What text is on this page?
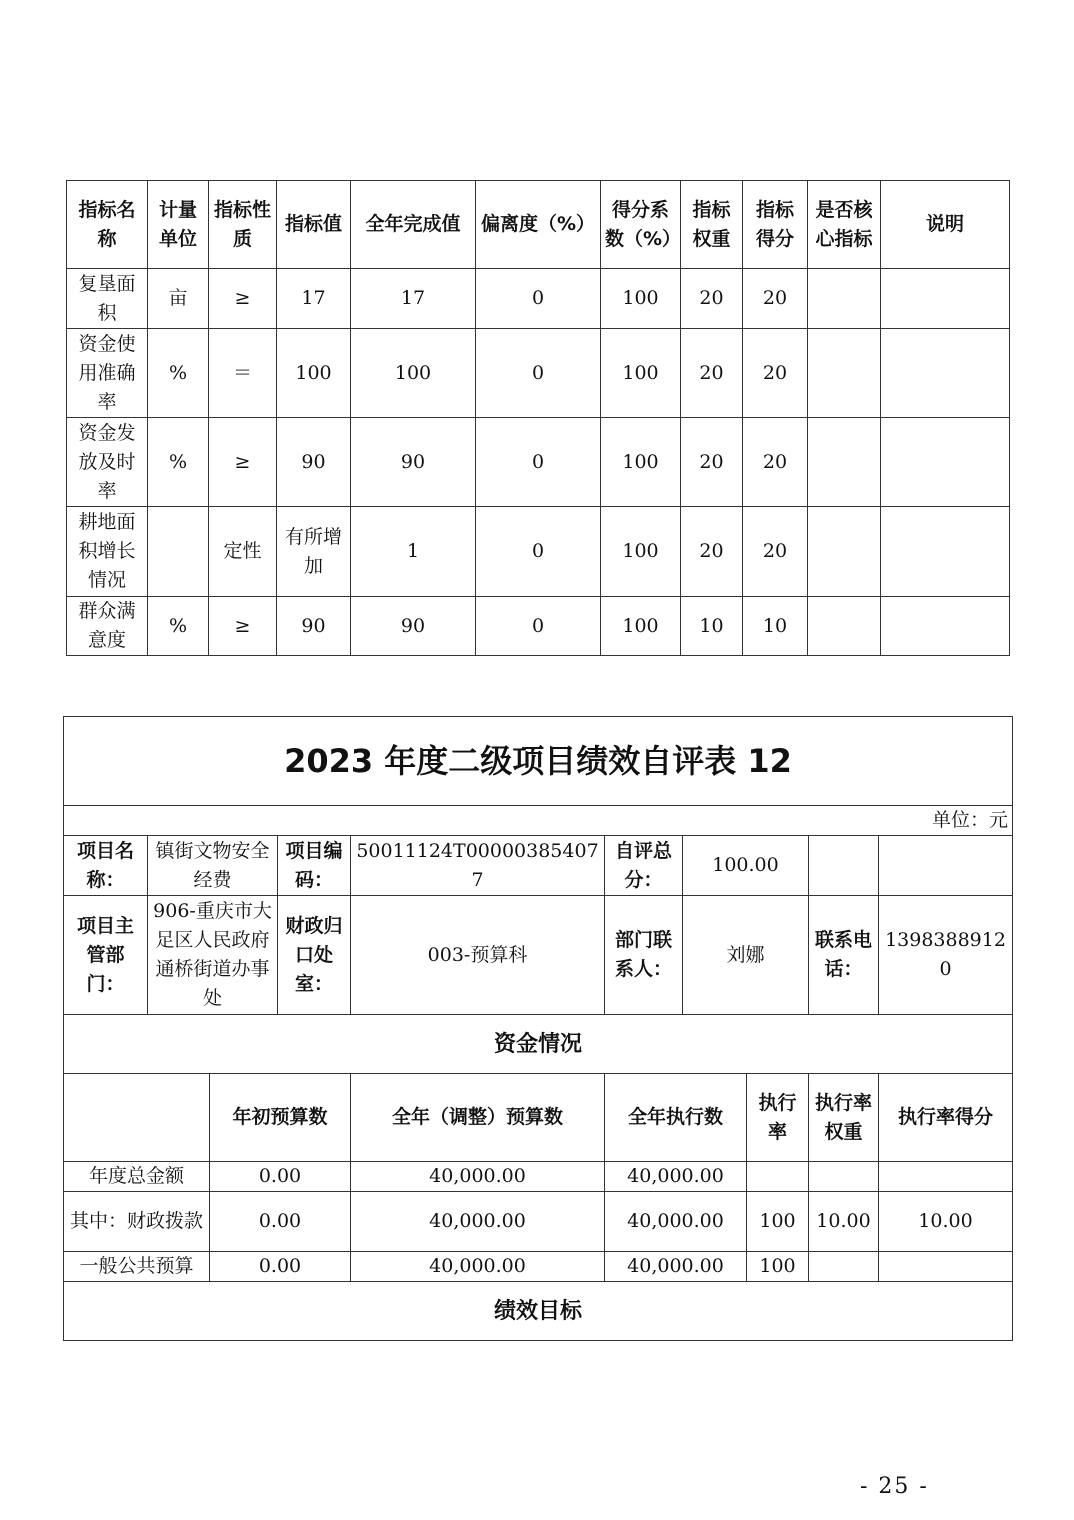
指标名称	计量单位	指标性质	指标值	全年完成值	偏离度（%）	得分系数（%）	指标权重	指标得分	是否核心指标	说明
复垦面积	亩	≥	17	17	0	100	20	20		
资金使用准确率	%	＝	100	100	0	100	20	20		
资金发放及时率	%	≥	90	90	0	100	20	20		
耕地面积增长情况		定性	有所增加	1	0	100	20	20		
群众满意度	%	≥	90	90	0	100	10	10		
2023 年度二级项目绩效自评表 12									
单位：元									
项目名称：	镇街文物安全经费		项目编码：	50011124T000003854077	自评总分：	100.00			
项目主管部门：	906-重庆市大足区人民政府通桥街道办事处		财政归口处室：	003-预算科	部门联系人：	刘娜		联系电话：	13983889120
资金情况									
		年初预算数		全年（调整）预算数	全年执行数		执行率	执行率权重	执行率得分
年度总金额		0.00		40,000.00	40,000.00				
其中：财政拨款		0.00		40,000.00	40,000.00		100	10.00	10.00
一般公共预算		0.00		40,000.00	40,000.00		100		
绩效目标									
- 25 -
